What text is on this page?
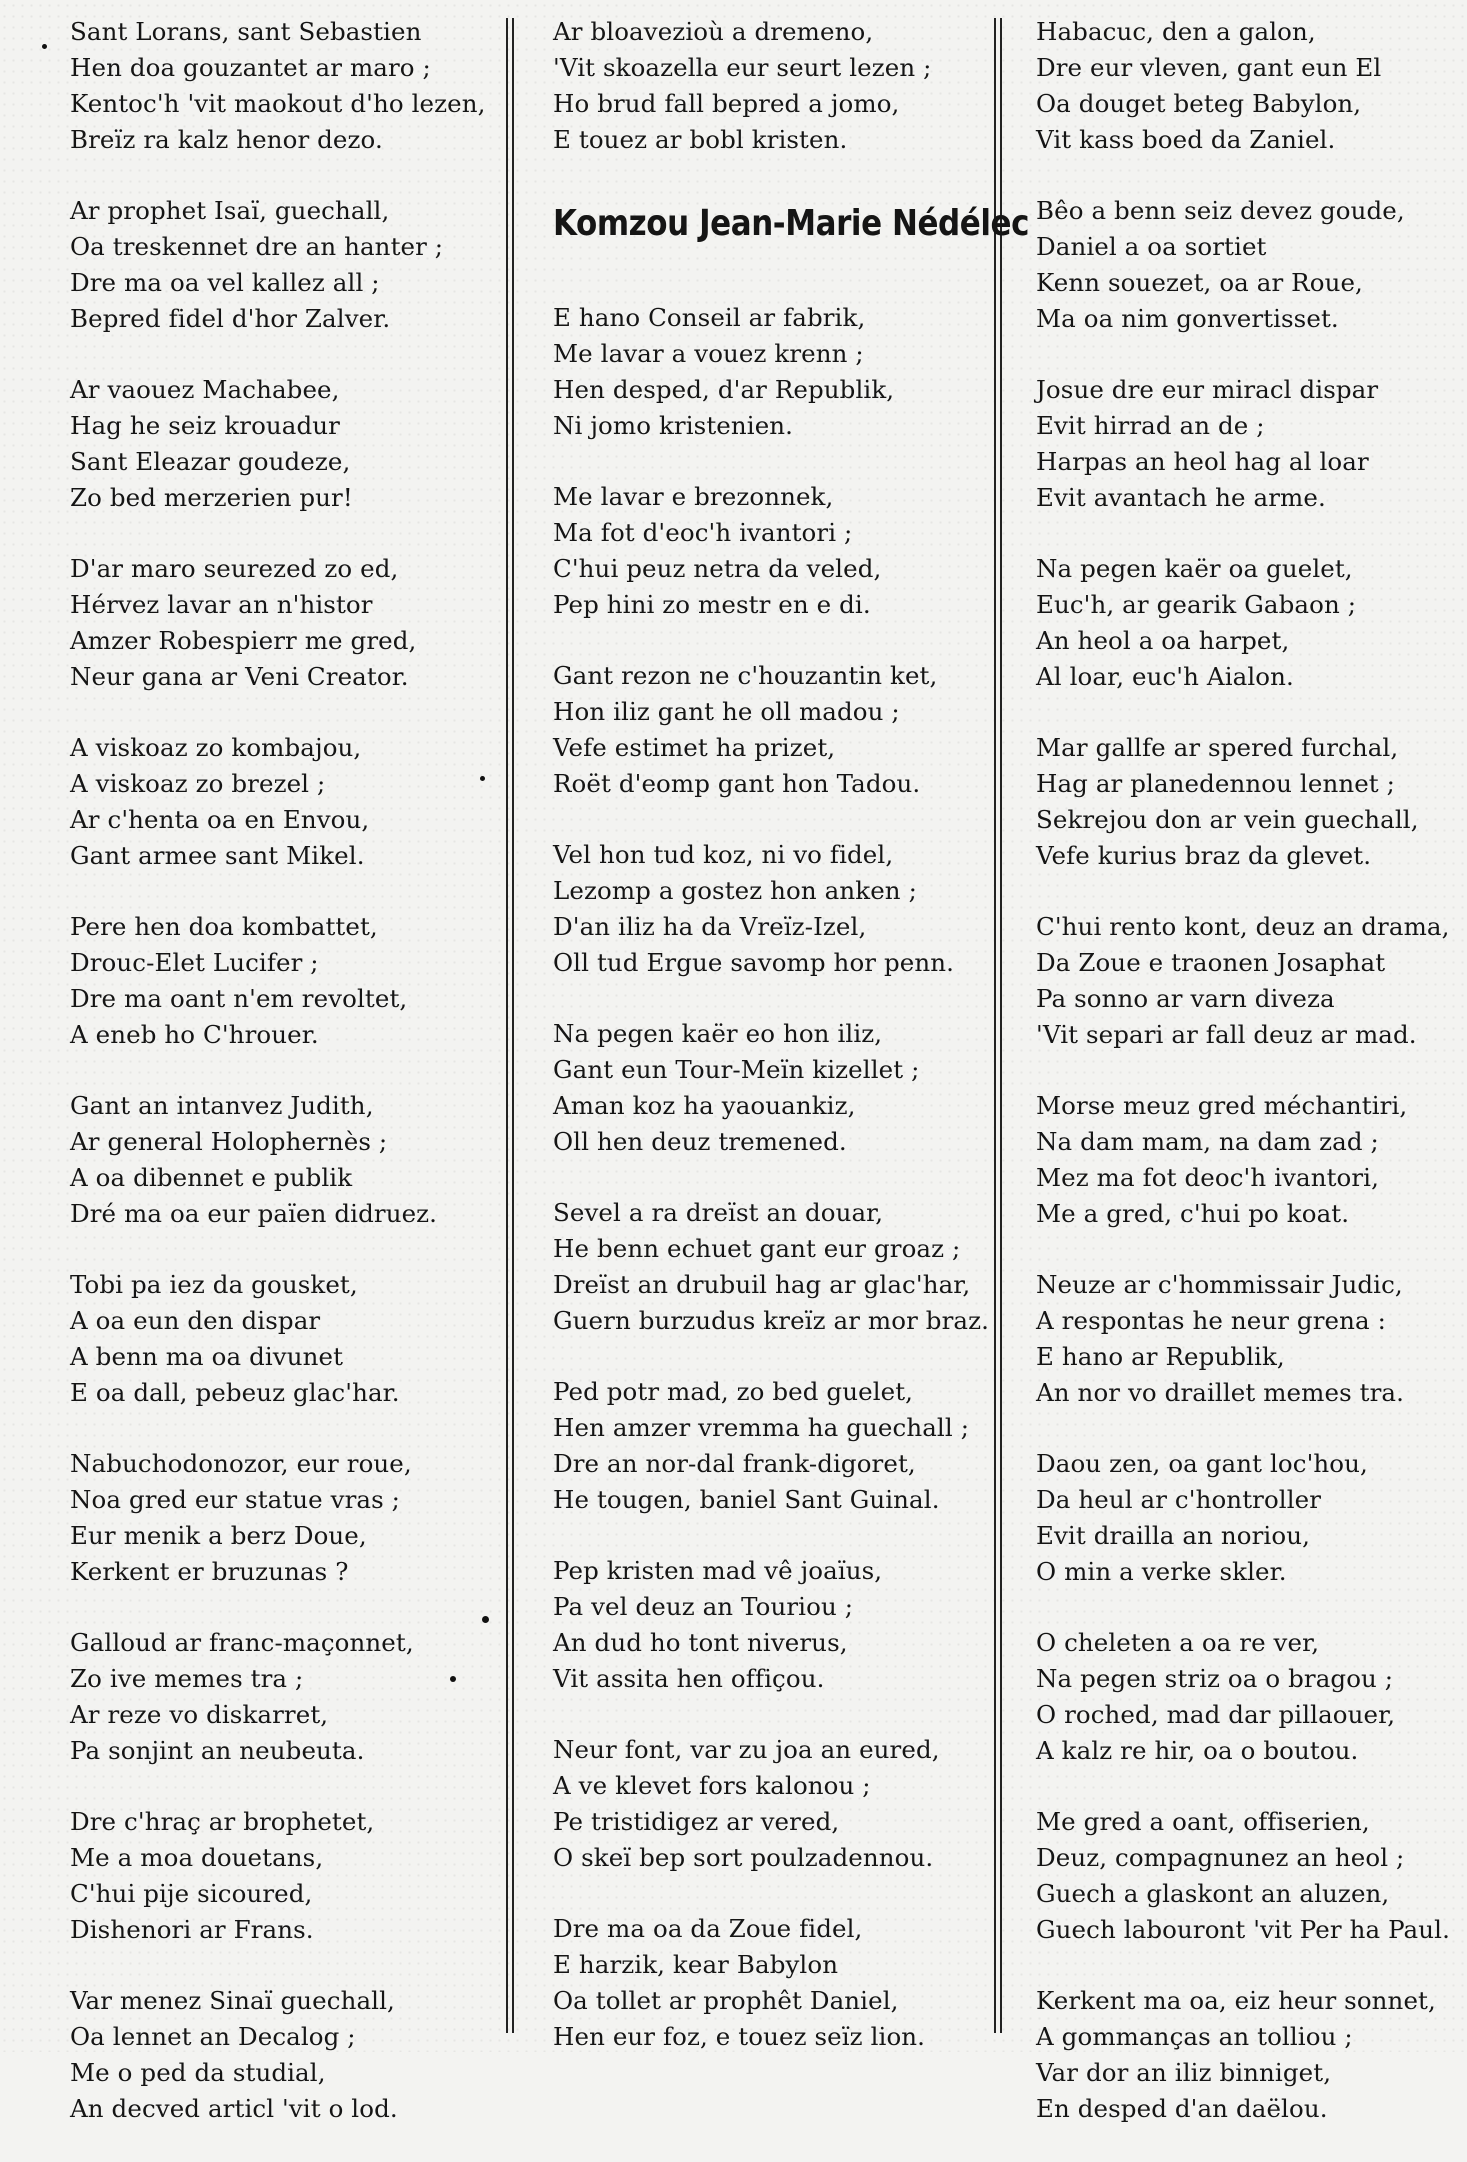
Sant Lorans, sant Sebastien
Hen doa gouzantet ar maro ;
Kentoc'h 'vit maokout d'ho lezen,
Breïz ra kalz henor dezo.
Ar prophet Isaï, guechall,
Oa treskennet dre an hanter ;
Dre ma oa vel kallez all ;
Bepred fidel d'hor Zalver.
Ar vaouez Machabee,
Hag he seiz krouadur
Sant Eleazar goudeze,
Zo bed merzerien pur!
D'ar maro seurezed zo ed,
Hérvez lavar an n'histor
Amzer Robespierr me gred,
Neur gana ar Veni Creator.
A viskoaz zo kombajou,
A viskoaz zo brezel ;
Ar c'henta oa en Envou,
Gant armee sant Mikel.
Pere hen doa kombattet,
Drouc-Elet Lucifer ;
Dre ma oant n'em revoltet,
A eneb ho C'hrouer.
Gant an intanvez Judith,
Ar general Holophernès ;
A oa dibennet e publik
Dré ma oa eur païen didruez.
Tobi pa iez da gousket,
A oa eun den dispar
A benn ma oa divunet
E oa dall, pebeuz glac'har.
Nabuchodonozor, eur roue,
Noa gred eur statue vras ;
Eur menik a berz Doue,
Kerkent er bruzunas ?
Galloud ar franc-maçonnet,
Zo ive memes tra ;
Ar reze vo diskarret,
Pa sonjint an neubeuta.
Dre c'hraç ar brophetet,
Me a moa douetans,
C'hui pije sicoured,
Dishenori ar Frans.
Var menez Sinaï guechall,
Oa lennet an Decalog ;
Me o ped da studial,
An decved articl 'vit o lod.
Ar bloavezioù a dremeno,
'Vit skoazella eur seurt lezen ;
Ho brud fall bepred a jomo,
E touez ar bobl kristen.
Komzou Jean-Marie Nédélec
E hano Conseil ar fabrik,
Me lavar a vouez krenn ;
Hen desped, d'ar Republik,
Ni jomo kristenien.
Me lavar e brezonnek,
Ma fot d'eoc'h ivantori ;
C'hui peuz netra da veled,
Pep hini zo mestr en e di.
Gant rezon ne c'houzantin ket,
Hon iliz gant he oll madou ;
Vefe estimet ha prizet,
Roët d'eomp gant hon Tadou.
Vel hon tud koz, ni vo fidel,
Lezomp a gostez hon anken ;
D'an iliz ha da Vreïz-Izel,
Oll tud Ergue savomp hor penn.
Na pegen kaër eo hon iliz,
Gant eun Tour-Meïn kizellet ;
Aman koz ha yaouankiz,
Oll hen deuz tremened.
Sevel a ra dreïst an douar,
He benn echuet gant eur groaz ;
Dreïst an drubuil hag ar glac'har,
Guern burzudus kreïz ar mor braz.
Ped potr mad, zo bed guelet,
Hen amzer vremma ha guechall ;
Dre an nor-dal frank-digoret,
He tougen, baniel Sant Guinal.
Pep kristen mad vê joaïus,
Pa vel deuz an Touriou ;
An dud ho tont niverus,
Vit assita hen offiçou.
Neur font, var zu joa an eured,
A ve klevet fors kalonou ;
Pe tristidigez ar vered,
O skeï bep sort poulzadennou.
Dre ma oa da Zoue fidel,
E harzik, kear Babylon
Oa tollet ar prophêt Daniel,
Hen eur foz, e touez seïz lion.
Habacuc, den a galon,
Dre eur vleven, gant eun El
Oa douget beteg Babylon,
Vit kass boed da Zaniel.
Bêo a benn seiz devez goude,
Daniel a oa sortiet
Kenn souezet, oa ar Roue,
Ma oa nim gonvertisset.
Josue dre eur miracl dispar
Evit hirrad an de ;
Harpas an heol hag al loar
Evit avantach he arme.
Na pegen kaër oa guelet,
Euc'h, ar gearik Gabaon ;
An heol a oa harpet,
Al loar, euc'h Aialon.
Mar gallfe ar spered furchal,
Hag ar planedennou lennet ;
Sekrejou don ar vein guechall,
Vefe kurius braz da glevet.
C'hui rento kont, deuz an drama,
Da Zoue e traonen Josaphat
Pa sonno ar varn diveza
'Vit separi ar fall deuz ar mad.
Morse meuz gred méchantiri,
Na dam mam, na dam zad ;
Mez ma fot deoc'h ivantori,
Me a gred, c'hui po koat.
Neuze ar c'hommissair Judic,
A respontas he neur grena :
E hano ar Republik,
An nor vo draillet memes tra.
Daou zen, oa gant loc'hou,
Da heul ar c'hontroller
Evit drailla an noriou,
O min a verke skler.
O cheleten a oa re ver,
Na pegen striz oa o bragou ;
O roched, mad dar pillaouer,
A kalz re hir, oa o boutou.
Me gred a oant, offiserien,
Deuz, compagnunez an heol ;
Guech a glaskont an aluzen,
Guech labouront 'vit Per ha Paul.
Kerkent ma oa, eiz heur sonnet,
A gommanças an tolliou ;
Var dor an iliz binniget,
En desped d'an daëlou.
